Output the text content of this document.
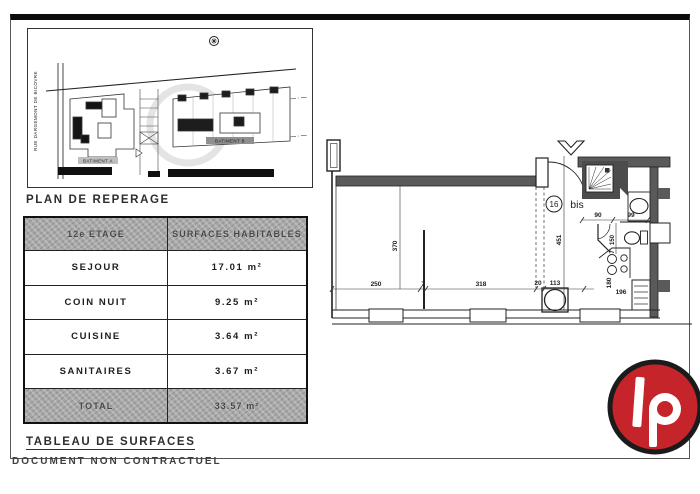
RUE DARGEMONT DE BICOVRE
BATIMENT A
BATIMENT B
PLAN DE REPERAGE
12e ETAGE	SURFACES HABITABLES
SEJOUR	17.01 m²
COIN NUIT	9.25 m²
CUISINE	3.64 m²
SANITAIRES	3.67 m²
TOTAL	33.57 m²
TABLEAU DE SURFACES
250	7	318	20 113
370
451
90	99
150
7
180
196
16 bis
DOCUMENT NON CONTRACTUEL
